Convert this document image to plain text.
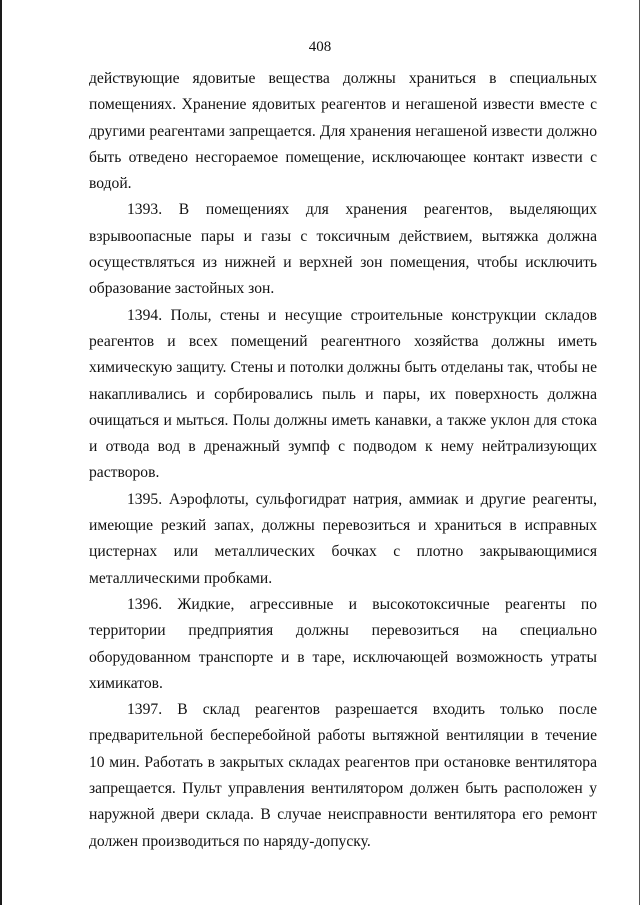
408

действующие ядовитые вещества должны храниться в специальных помещениях. Хранение ядовитых реагентов и негашеной извести вместе с другими реагентами запрещается. Для хранения негашеной извести должно быть отведено несгораемое помещение, исключающее контакт извести с водой.

1393. В помещениях для хранения реагентов, выделяющих взрывоопасные пары и газы с токсичным действием, вытяжка должна осуществляться из нижней и верхней зон помещения, чтобы исключить образование застойных зон.

1394. Полы, стены и несущие строительные конструкции складов реагентов и всех помещений реагентного хозяйства должны иметь химическую защиту. Стены и потолки должны быть отделаны так, чтобы не накапливались и сорбировались пыль и пары, их поверхность должна очищаться и мыться. Полы должны иметь канавки, а также уклон для стока и отвода вод в дренажный зумпф с подводом к нему нейтрализующих растворов.

1395. Аэрофлоты, сульфогидрат натрия, аммиак и другие реагенты, имеющие резкий запах, должны перевозиться и храниться в исправных цистернах или металлических бочках с плотно закрывающимися металлическими пробками.

1396. Жидкие, агрессивные и высокотоксичные реагенты по территории предприятия должны перевозиться на специально оборудованном транспорте и в таре, исключающей возможность утраты химикатов.

1397. В склад реагентов разрешается входить только после предварительной бесперебойной работы вытяжной вентиляции в течение 10 мин. Работать в закрытых складах реагентов при остановке вентилятора запрещается. Пульт управления вентилятором должен быть расположен у наружной двери склада. В случае неисправности вентилятора его ремонт должен производиться по наряду-допуску.
